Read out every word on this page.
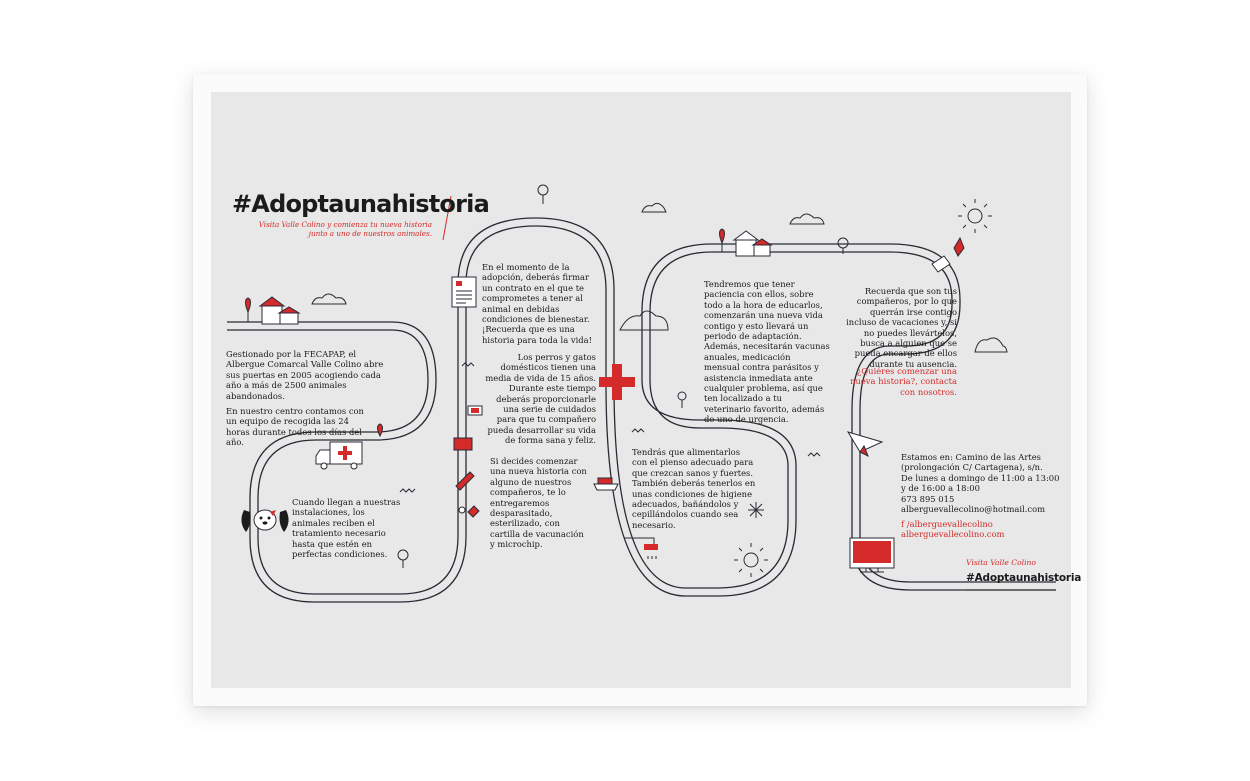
#Adoptaunahistoria

Visita Valle Colino y comienza tu nueva historia
junto a uno de nuestros animales.

Gestionado por la FECAPAP, el
Albergue Comarcal Valle Colino abre
sus puertas en 2005 acogiendo cada
año a más de 2500 animales
abandonados.

En nuestro centro contamos con
un equipo de recogida las 24
horas durante todos los días del
año.

Cuando llegan a nuestras
instalaciones, los
animales reciben el
tratamiento necesario
hasta que estén en
perfectas condiciones.

En el momento de la
adopción, deberás firmar
un contrato en el que te
comprometes a tener al
animal en debidas
condiciones de bienestar.
¡Recuerda que es una
historia para toda la vida!

Los perros y gatos
domésticos tienen una
media de vida de 15 años.
Durante este tiempo
deberás proporcionarle
una serie de cuidados
para que tu compañero
pueda desarrollar su vida
de forma sana y feliz.

Si decides comenzar
una nueva historia con
alguno de nuestros
compañeros, te lo
entregaremos
desparasitado,
esterilizado, con
cartilla de vacunación
y microchip.

Tendremos que tener
paciencia con ellos, sobre
todo a la hora de educarlos,
comenzarán una nueva vida
contigo y esto llevará un
periodo de adaptación.
Además, necesitarán vacunas
anuales, medicación
mensual contra parásitos y
asistencia inmediata ante
cualquier problema, así que
ten localizado a tu
veterinario favorito, además
de uno de urgencia.

Tendrás que alimentarlos
con el pienso adecuado para
que crezcan sanos y fuertes.
También deberás tenerlos en
unas condiciones de higiene
adecuados, bañándolos y
cepillándolos cuando sea
necesario.

Recuerda que son tus
compañeros, por lo que
querrán irse contigo
incluso de vacaciones y, si
no puedes llevártelos,
busca a alguien que se
pueda encargar de ellos
durante tu ausencia.

¿Quiéres comenzar una
nueva historia?, contacta
con nosotros.

Estamos en: Camino de las Artes
(prolongación C/ Cartagena), s/n.
De lunes a domingo de 11:00 a 13:00
y de 16:00 a 18:00
673 895 015
alberguevallecolino@hotmail.com

f /alberguevallecolino
alberguevallecolino.com

Visita Valle Colino

#Adoptaunahistoria
